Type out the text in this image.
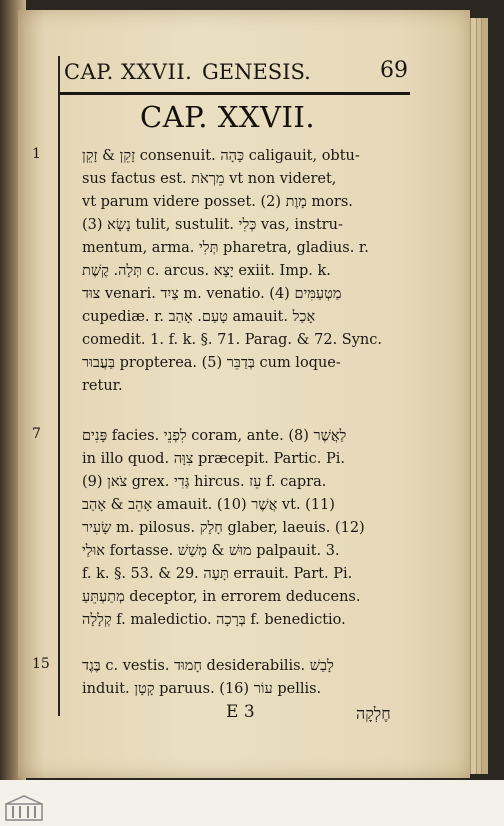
CAP. XXVII. GENESIS.	69
CAP. XXVII.
1
7
15
זָקֵן & זָקֵן consenuit. כָּהָה caligauit, obtu-
sus factus est. מֵרְאֹת vt non videret,
vt parum videre posset. (2) מָוֶת mors.
(3) נָשָׂא tulit, sustulit. כְּלִי vas, instru-
mentum, arma. תְּלִי pharetra, gladius. r.
תְּלָה. קֶשֶׁת c. arcus. יָצָא exiit. Imp. k.
צוּד venari. צַיִד m. venatio. (4) מַטְעַמִּים
cupediæ. r. טָעַם. אָהַב amauit. אָכַל
comedit. 1. f. k. §. 71. Parag. & 72. Sync.
בַּעֲבוּר propterea. (5) בְּדַבֵּר cum loque-
retur.
פָּנִים facies. לִפְנֵי coram, ante. (8) לַאֲשֶׁר
in illo quod. צִוָּה præcepit. Partic. Pi.
(9) צֹאן grex. גְּדִי hircus. עֵז f. capra.
אָהֵב & אָהַב amauit. (10) אֲשֶׁר vt. (11)
שָׂעִיר m. pilosus. חָלָק glaber, laeuis. (12)
אוּלַי fortasse. מוּשׁ & מָשַׁשׁ palpauit. 3.
f. k. §. 53. & 29. תָּעָה errauit. Part. Pi.
מְתַעְתֵּעַ deceptor, in errorem deducens.
קְלָלָה f. maledictio. בְּרָכָה f. benedictio.
בֶּגֶד c. vestis. חָמוּד desiderabilis. לָבַשׁ
induit. קָטָן paruus. (16) עוֹר pellis.
E 3	חֶלְקָה
